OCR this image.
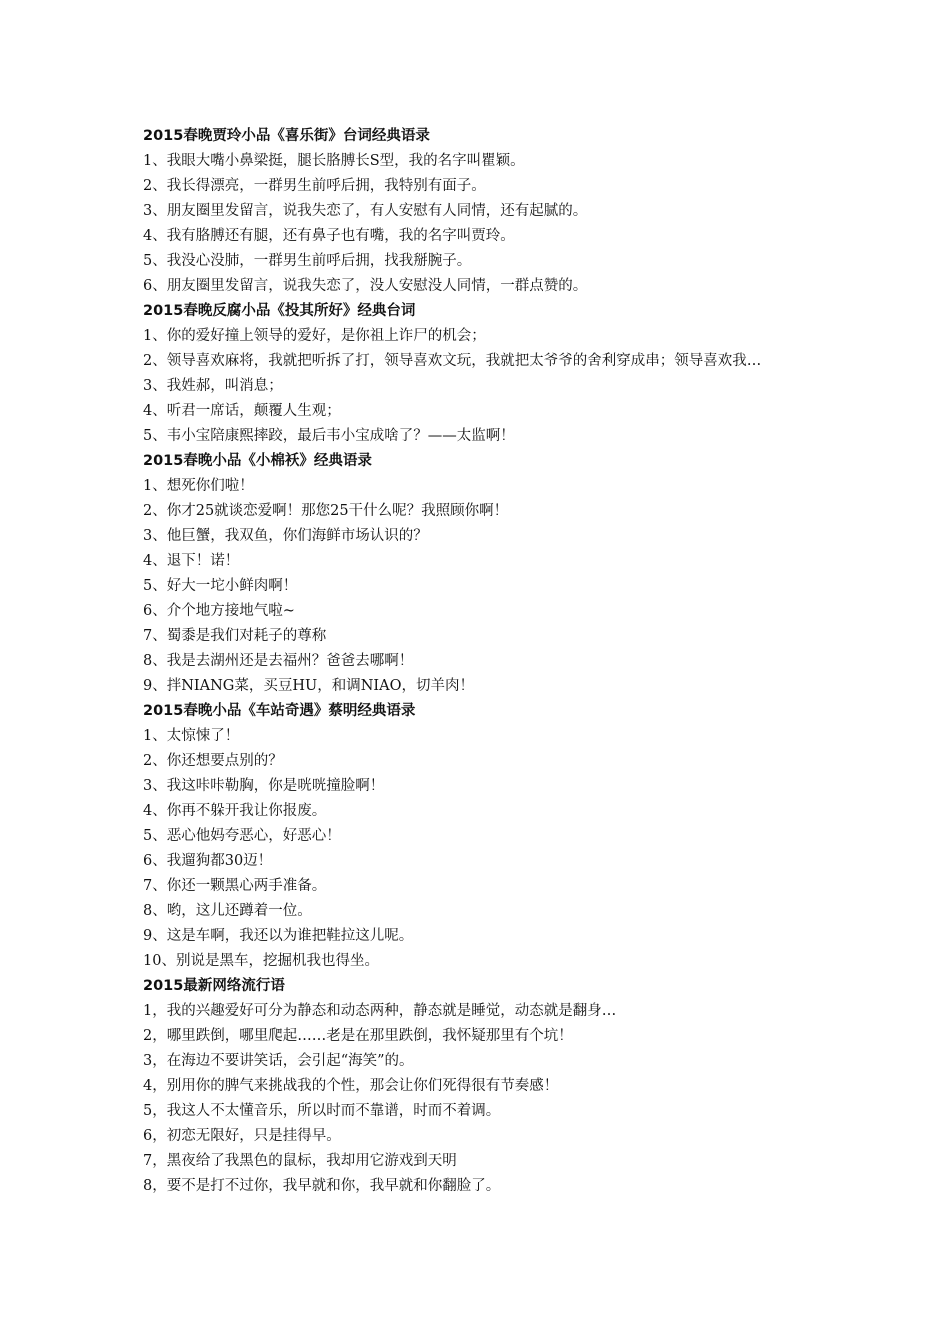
2015春晚贾玲小品《喜乐街》台词经典语录
1、我眼大嘴小鼻梁挺，腿长胳膊长S型，我的名字叫瞿颖。
2、我长得漂亮，一群男生前呼后拥，我特别有面子。
3、朋友圈里发留言，说我失恋了，有人安慰有人同情，还有起腻的。
4、我有胳膊还有腿，还有鼻子也有嘴，我的名字叫贾玲。
5、我没心没肺，一群男生前呼后拥，找我掰腕子。
6、朋友圈里发留言，说我失恋了，没人安慰没人同情，一群点赞的。
2015春晚反腐小品《投其所好》经典台词
1、你的爱好撞上领导的爱好，是你祖上诈尸的机会；
2、领导喜欢麻将，我就把听拆了打，领导喜欢文玩，我就把太爷爷的舍利穿成串；领导喜欢我…
3、我姓郝，叫消息；
4、听君一席话，颠覆人生观；
5、韦小宝陪康熙摔跤，最后韦小宝成啥了？——太监啊！
2015春晚小品《小棉袄》经典语录
1、想死你们啦！
2、你才25就谈恋爱啊！那您25干什么呢？我照顾你啊！
3、他巨蟹，我双鱼，你们海鲜市场认识的？
4、退下！诺！
5、好大一坨小鲜肉啊！
6、介个地方接地气啦~
7、蜀黍是我们对耗子的尊称
8、我是去湖州还是去福州？爸爸去哪啊！
9、拌NIANG菜，买豆HU，和调NIAO，切羊肉！
2015春晚小品《车站奇遇》蔡明经典语录
1、太惊悚了！
2、你还想要点别的？
3、我这咔咔勒胸，你是咣咣撞脸啊！
4、你再不躲开我让你报废。
5、恶心他妈夸恶心，好恶心！
6、我遛狗都30迈！
7、你还一颗黑心两手准备。
8、哟，这儿还蹲着一位。
9、这是车啊，我还以为谁把鞋拉这儿呢。
10、别说是黑车，挖掘机我也得坐。
2015最新网络流行语
1，我的兴趣爱好可分为静态和动态两种，静态就是睡觉，动态就是翻身…
2，哪里跌倒，哪里爬起……老是在那里跌倒，我怀疑那里有个坑！
3，在海边不要讲笑话，会引起“海笑”的。
4，别用你的脾气来挑战我的个性，那会让你们死得很有节奏感！
5，我这人不太懂音乐，所以时而不靠谱，时而不着调。
6，初恋无限好，只是挂得早。
7，黑夜给了我黑色的鼠标，我却用它游戏到天明
8，要不是打不过你，我早就和你，我早就和你翻脸了。
